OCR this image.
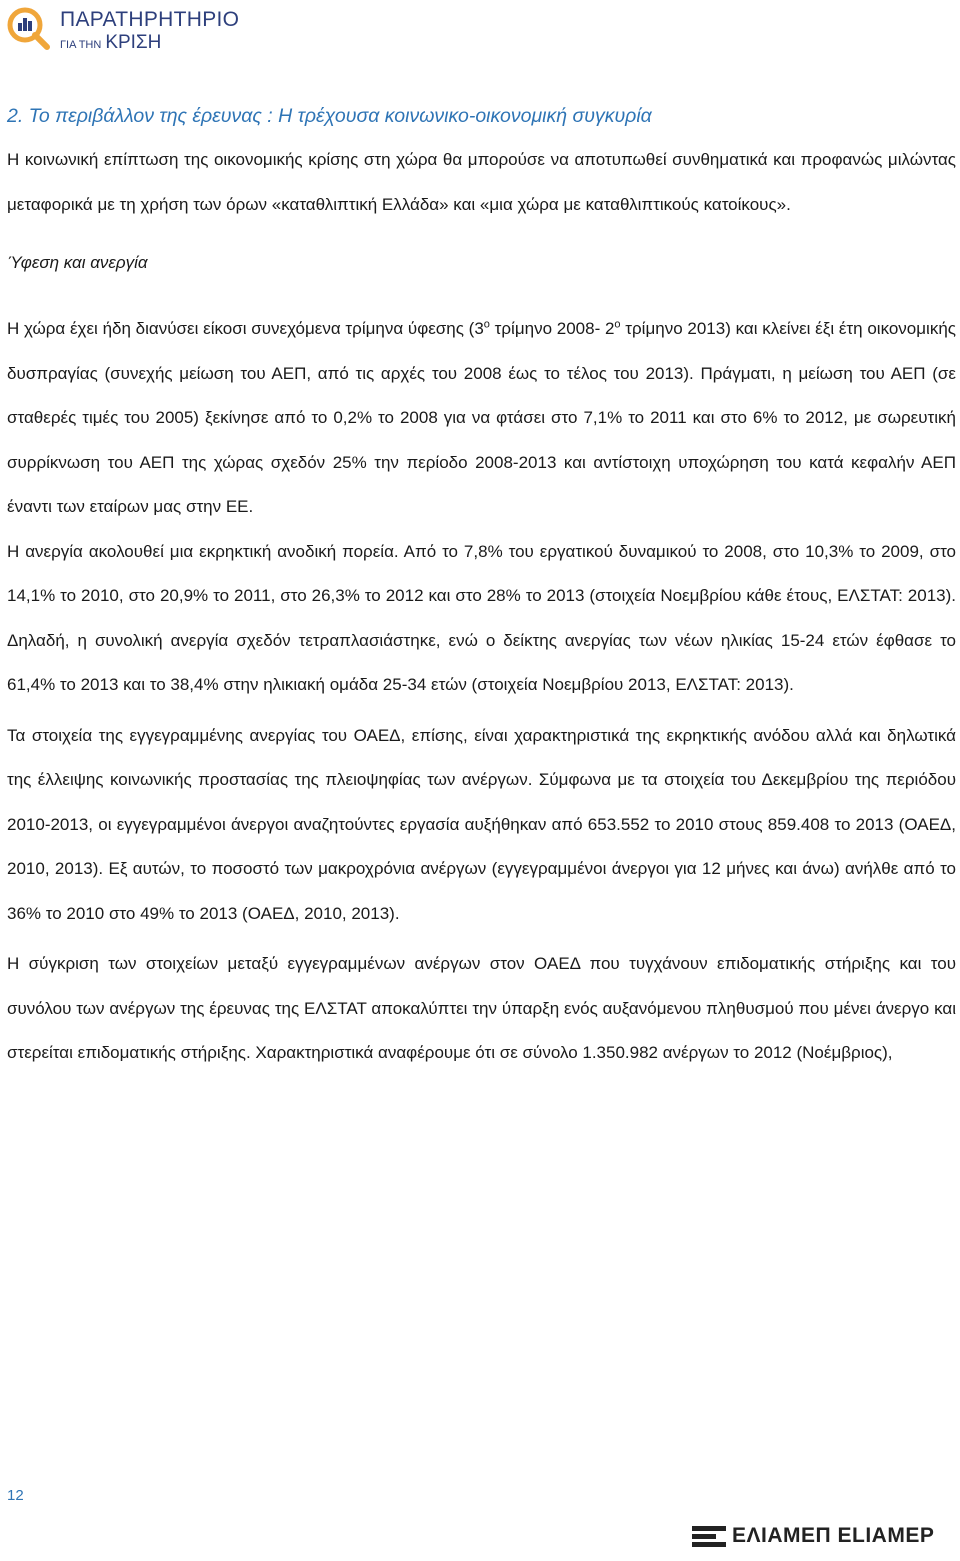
ΠΑΡΑΤΗΡΗΤΗΡΙΟ
ΓΙΑ ΤΗΝ ΚΡΙΣΗ
2. Το περιβάλλον της έρευνας : Η τρέχουσα κοινωνικο-οικονομική συγκυρία

Η κοινωνική επίπτωση της οικονομικής κρίσης στη χώρα θα μπορούσε να αποτυπωθεί συνθηματικά και προφανώς μιλώντας μεταφορικά με τη χρήση των όρων «καταθλιπτική Ελλάδα» και «μια χώρα με καταθλιπτικούς κατοίκους».

Ύφεση και ανεργία

Η χώρα έχει ήδη διανύσει είκοσι συνεχόμενα τρίμηνα ύφεσης ($3^o$ τρίμηνο 2008- $2^o$ τρίμηνο 2013) και κλείνει έξι έτη οικονομικής δυσπραγίας (συνεχής μείωση του ΑΕΠ, από τις αρχές του 2008 έως το τέλος του 2013). Πράγματι, η μείωση του ΑΕΠ (σε σταθερές τιμές του 2005) ξεκίνησε από το 0,2% το 2008 για να φτάσει στο 7,1% το 2011 και στο 6% το 2012, με σωρευτική συρρίκνωση του ΑΕΠ της χώρας σχεδόν 25% την περίοδο 2008-2013 και αντίστοιχη υποχώρηση του κατά κεφαλήν ΑΕΠ έναντι των εταίρων μας στην ΕΕ.

Η ανεργία ακολουθεί μια εκρηκτική ανοδική πορεία. Από το 7,8% του εργατικού δυναμικού το 2008, στο 10,3% το 2009, στο 14,1% το 2010, στο 20,9% το 2011, στο 26,3% το 2012 και στο 28% το 2013 (στοιχεία Νοεμβρίου κάθε έτους, ΕΛΣΤΑΤ: 2013). Δηλαδή, η συνολική ανεργία σχεδόν τετραπλασιάστηκε, ενώ ο δείκτης ανεργίας των νέων ηλικίας 15-24 ετών έφθασε το 61,4% το 2013 και το 38,4% στην ηλικιακή ομάδα 25-34 ετών (στοιχεία Νοεμβρίου 2013, ΕΛΣΤΑΤ: 2013).

Τα στοιχεία της εγγεγραμμένης ανεργίας του ΟΑΕΔ, επίσης, είναι χαρακτηριστικά της εκρηκτικής ανόδου αλλά και δηλωτικά της έλλειψης κοινωνικής προστασίας της πλειοψηφίας των ανέργων. Σύμφωνα με τα στοιχεία του Δεκεμβρίου της περιόδου 2010-2013, οι εγγεγραμμένοι άνεργοι αναζητούντες εργασία αυξήθηκαν από 653.552 το 2010 στους 859.408 το 2013 (ΟΑΕΔ, 2010, 2013). Εξ αυτών, το ποσοστό των μακροχρόνια ανέργων (εγγεγραμμένοι άνεργοι για 12 μήνες και άνω) ανήλθε από το 36% το 2010 στο 49% το 2013 (ΟΑΕΔ, 2010, 2013).

Η σύγκριση των στοιχείων μεταξύ εγγεγραμμένων ανέργων στον ΟΑΕΔ που τυγχάνουν επιδοματικής στήριξης και του συνόλου των ανέργων της έρευνας της ΕΛΣΤΑΤ αποκαλύπτει την ύπαρξη ενός αυξανόμενου πληθυσμού που μένει άνεργο και στερείται επιδοματικής στήριξης. Χαρακτηριστικά αναφέρουμε ότι σε σύνολο 1.350.982 ανέργων το 2012 (Νοέμβριος),

12
ΕΛΙΑΜΕΠ ELIAMEP
